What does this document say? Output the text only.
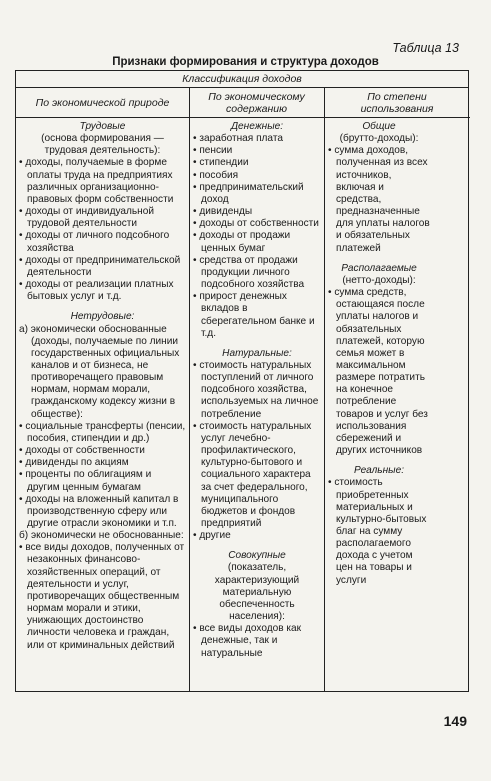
Таблица 13
Признаки формирования и структура доходов
Классификация доходов
По экономической природе	По экономическому содержанию
По степени использования

Трудовые

(основа формирования — трудовая деятельность):

• доходы, получаемые в форме оплаты труда на предприятиях различных организационно-правовых форм собственности
• доходы от индивидуальной трудовой деятельности
• доходы от личного подсобного хозяйства
• доходы от предпринимательской деятельности
• доходы от реализации платных бытовых услуг и т.д.

Нетрудовые:

а) экономически обоснованные (доходы, получаемые по линии государственных официальных каналов и от бизнеса, не противоречащего правовым нормам, нормам морали, гражданскому кодексу жизни в обществе):

• социальные трансферты (пенсии, пособия, стипендии и др.)
• доходы от собственности
• дивиденды по акциям
• проценты по облигациям и другим ценным бумагам
• доходы на вложенный капитал в производственную сферу или другие отрасли экономики и т.п.

б) экономически не обоснованные:

• все виды доходов, полученных от незаконных финансово-хозяйственных операций, от деятельности и услуг, противоречащих общественным нормам морали и этики, унижающих достоинство личности человека и граждан, или от криминальных действий

Денежные:

• заработная плата
• пенсии
• стипендии
• пособия
• предпринимательский доход
• дивиденды
• доходы от собственности
• доходы от продажи ценных бумаг
• средства от продажи продукции личного подсобного хозяйства
• прирост денежных вкладов в сберегательном банке и т.д.

Натуральные:

• стоимость натуральных поступлений от личного подсобного хозяйства, используемых на личное потребление
• стоимость натуральных услуг лечебно-профилактического, культурно-бытового и социального характера за счет федерального, муниципального бюджетов и фондов предприятий
• другие

Совокупные

(показатель, характеризующий материальную обеспеченность населения):

• все виды доходов как денежные, так и натуральные

Общие

(брутто-доходы):

• сумма доходов, полученная из всех источников, включая и средства, предназначенные для уплаты налогов и обязательных платежей

Располагаемые

(нетто-доходы):

• сумма средств, остающаяся после уплаты налогов и обязательных платежей, которую семья может в максимальном размере потратить на конечное потребление товаров и услуг без использования сбережений и других источников

Реальные:

• стоимость приобретенных материальных и культурно-бытовых благ на сумму располагаемого дохода с учетом цен на товары и услуги
149
